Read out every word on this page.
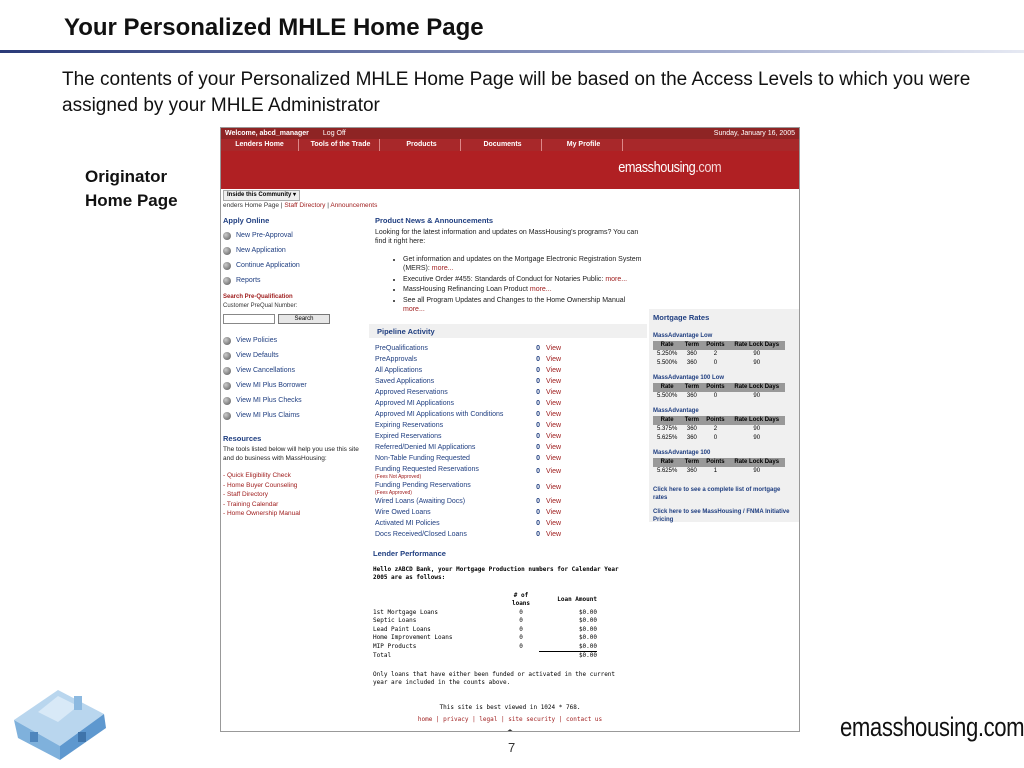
Your Personalized MHLE Home Page
The contents of your Personalized MHLE Home Page will be based on the Access Levels to which you were assigned by your MHLE Administrator
Originator Home Page
Welcome, abcd_manager Log Off	Sunday, January 16, 2005
Lenders Home	Tools of the Trade	Products	Documents	My Profile
emasshousing.com
Inside this Community ▾
enders Home Page | Staff Directory | Announcements
Apply Online
New Pre-Approval
New Application
Continue Application
Reports
Search Pre-Qualification
Customer PreQual Number:
Search
View Policies
View Defaults
View Cancellations
View MI Plus Borrower
View MI Plus Checks
View MI Plus Claims
Resources
The tools listed below will help you use this site and do business with MassHousing:
- Quick Eligibility Check
- Home Buyer Counseling
- Staff Directory
- Training Calendar
- Home Ownership Manual
Product News & Announcements
Looking for the latest information and updates on MassHousing's programs? You can find it right here:
• Get information and updates on the Mortgage Electronic Registration System (MERS): more...
• Executive Order #455: Standards of Conduct for Notaries Public: more...
• MassHousing Refinancing Loan Product more...
• See all Program Updates and Changes to the Home Ownership Manual more...
Pipeline Activity
PreQualifications	0 View
PreApprovals	0 View
All Applications	0 View
Saved Applications	0 View
Approved Reservations	0 View
Approved MI Applications	0 View
Approved MI Applications with Conditions	0 View
Expiring Reservations	0 View
Expired Reservations	0 View
Referred/Denied MI Applications	0 View
Non-Table Funding Requested	0 View
Funding Requested Reservations
(Fees Not Approved)
0 View
Funding Pending Reservations
(Fees Approved)
0 View
Wired Loans (Awaiting Docs)	0 View
Wire Owed Loans	0 View
Activated MI Policies	0 View
Docs Received/Closed Loans	0 View
Mortgage Rates
MassAdvantage Low
Rate	Term	Points	Rate Lock Days
5.250%	360	2	90
5.500%	360	0	90
MassAdvantage 100 Low
Rate	Term	Points	Rate Lock Days
5.500%	360	0	90
MassAdvantage
Rate	Term	Points	Rate Lock Days
5.375%	360	2	90
5.625%	360	0	90
MassAdvantage 100
Rate	Term	Points	Rate Lock Days
5.625%	360	1	90
Click here to see a complete list of mortgage rates
Click here to see MassHousing / FNMA Initiative Pricing
Lender Performance
Hello zABCD Bank, your Mortgage Production numbers for Calendar Year 2005 are as follows:
	# of loans	Loan Amount
1st Mortgage Loans	0	$0.00
Septic Loans	0	$0.00
Lead Paint Loans	0	$0.00
Home Improvement Loans	0	$0.00
MIP Products	0	$0.00
Total		$0.00
Only loans that have either been funded or activated in the current year are included in the counts above.
This site is best viewed in 1024 * 768.
home | privacy | legal | site security | contact us
7
emasshousing.com
